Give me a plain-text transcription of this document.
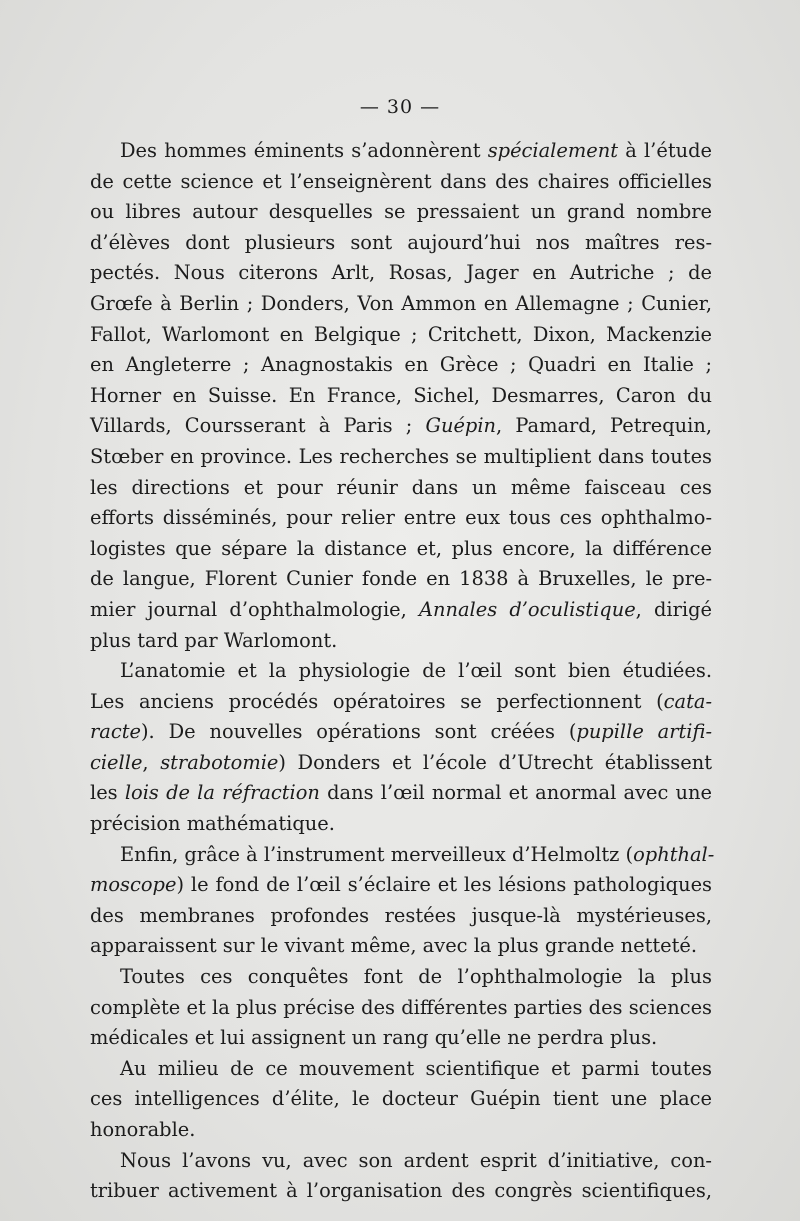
— 30 —
Des hommes éminents s’adonnèrent spécialement à l’étude
de cette science et l’enseignèrent dans des chaires officielles
ou libres autour desquelles se pressaient un grand nombre
d’élèves dont plusieurs sont aujourd’hui nos maîtres res-
pectés. Nous citerons Arlt, Rosas, Jager en Autriche ; de
Grœfe à Berlin ; Donders, Von Ammon en Allemagne ; Cunier,
Fallot, Warlomont en Belgique ; Critchett, Dixon, Mackenzie
en Angleterre ; Anagnostakis en Grèce ; Quadri en Italie ;
Horner en Suisse. En France, Sichel, Desmarres, Caron du
Villards, Coursserant à Paris ; Guépin, Pamard, Petrequin,
Stœber en province. Les recherches se multiplient dans toutes
les directions et pour réunir dans un même faisceau ces
efforts disséminés, pour relier entre eux tous ces ophthalmo-
logistes que sépare la distance et, plus encore, la différence
de langue, Florent Cunier fonde en 1838 à Bruxelles, le pre-
mier journal d’ophthalmologie, Annales d’oculistique, dirigé
plus tard par Warlomont.
L’anatomie et la physiologie de l’œil sont bien étudiées.
Les anciens procédés opératoires se perfectionnent (cata-
racte). De nouvelles opérations sont créées (pupille artifi-
cielle, strabotomie) Donders et l’école d’Utrecht établissent
les lois de la réfraction dans l’œil normal et anormal avec une
précision mathématique.
Enfin, grâce à l’instrument merveilleux d’Helmoltz (ophthal-
moscope) le fond de l’œil s’éclaire et les lésions pathologiques
des membranes profondes restées jusque-là mystérieuses,
apparaissent sur le vivant même, avec la plus grande netteté.
Toutes ces conquêtes font de l’ophthalmologie la plus
complète et la plus précise des différentes parties des sciences
médicales et lui assignent un rang qu’elle ne perdra plus.
Au milieu de ce mouvement scientifique et parmi toutes
ces intelligences d’élite, le docteur Guépin tient une place
honorable.
Nous l’avons vu, avec son ardent esprit d’initiative, con-
tribuer activement à l’organisation des congrès scientifiques,
